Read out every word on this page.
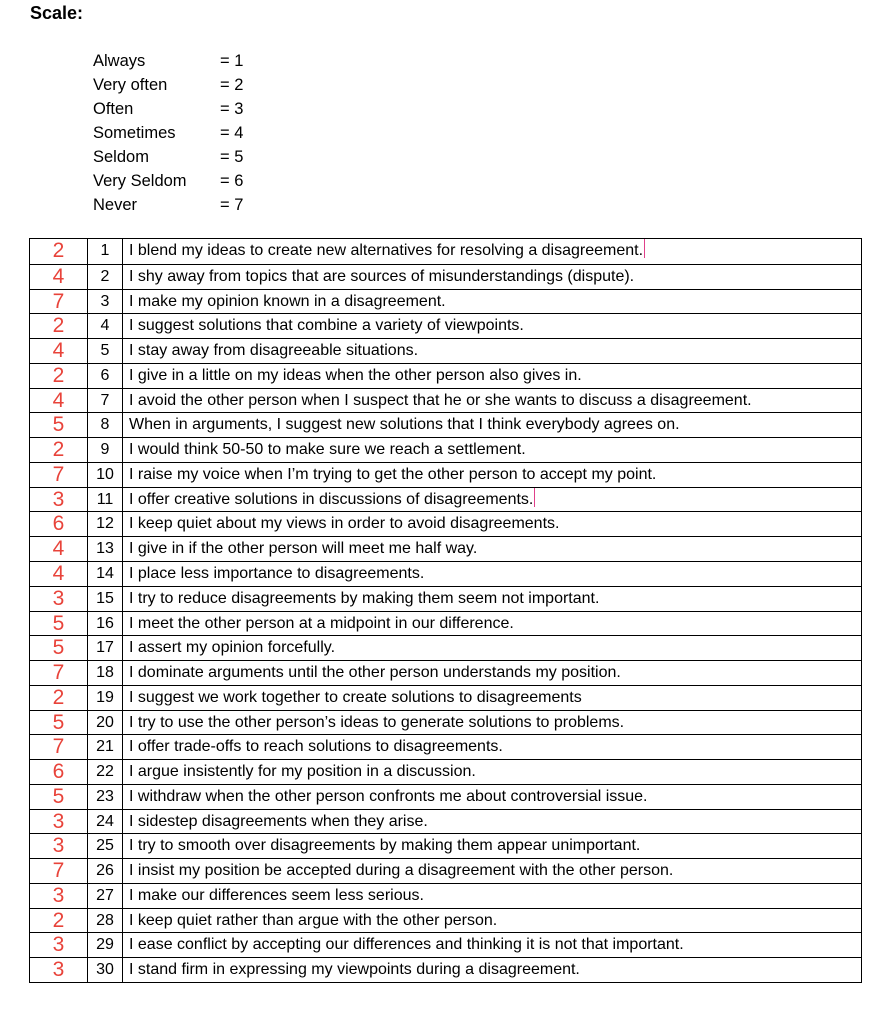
Scale:
Always	= 1
Very often	= 2
Often	= 3
Sometimes	= 4
Seldom	= 5
Very Seldom	= 6
Never	= 7
2	1	I blend my ideas to create new alternatives for resolving a disagreement.
4	2	I shy away from topics that are sources of misunderstandings (dispute).
7	3	I make my opinion known in a disagreement.
2	4	I suggest solutions that combine a variety of viewpoints.
4	5	I stay away from disagreeable situations.
2	6	I give in a little on my ideas when the other person also gives in.
4	7	I avoid the other person when I suspect that he or she wants to discuss a disagreement.
5	8	When in arguments, I suggest new solutions that I think everybody agrees on.
2	9	I would think 50-50 to make sure we reach a settlement.
7	10 I raise my voice when I’m trying to get the other person to accept my point.
3	11 I offer creative solutions in discussions of disagreements.
6	12 I keep quiet about my views in order to avoid disagreements.
4	13 I give in if the other person will meet me half way.
4	14 I place less importance to disagreements.
3	15 I try to reduce disagreements by making them seem not important.
5	16 I meet the other person at a midpoint in our difference.
5	17 I assert my opinion forcefully.
7	18 I dominate arguments until the other person understands my position.
2	19 I suggest we work together to create solutions to disagreements
5	20 I try to use the other person’s ideas to generate solutions to problems.
7	21 I offer trade-offs to reach solutions to disagreements.
6	22 I argue insistently for my position in a discussion.
5	23 I withdraw when the other person confronts me about controversial issue.
3	24 I sidestep disagreements when they arise.
3	25 I try to smooth over disagreements by making them appear unimportant.
7	26 I insist my position be accepted during a disagreement with the other person.
3	27 I make our differences seem less serious.
2	28 I keep quiet rather than argue with the other person.
3	29 I ease conflict by accepting our differences and thinking it is not that important.
3	30 I stand firm in expressing my viewpoints during a disagreement.
